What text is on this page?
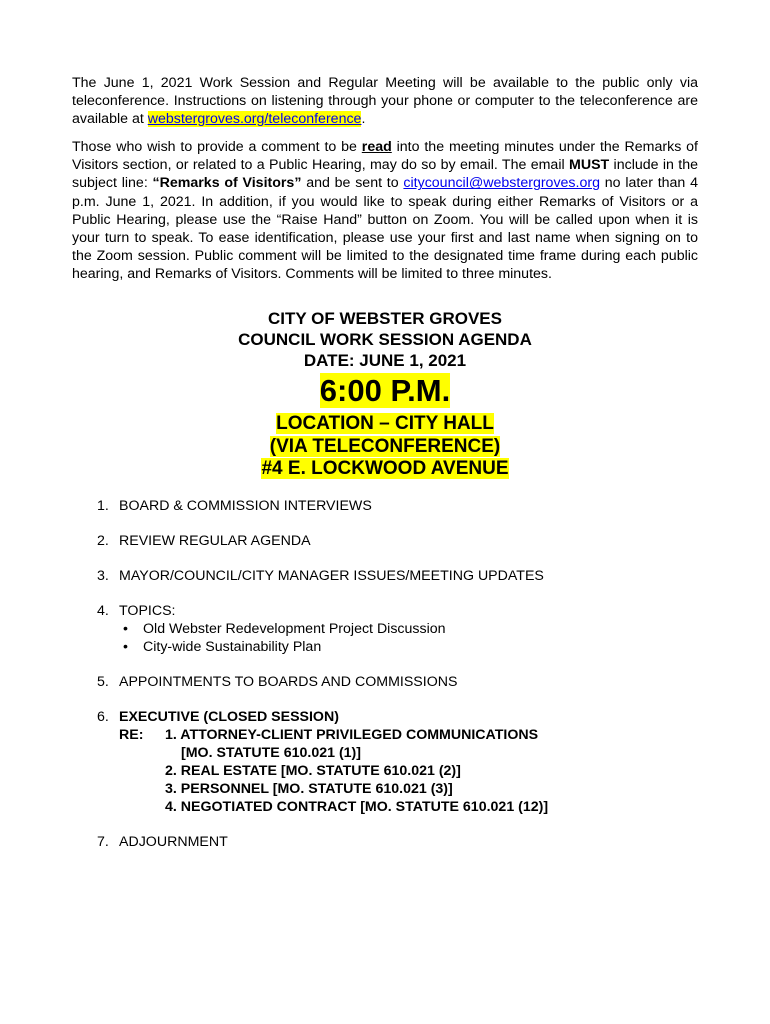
The June 1, 2021 Work Session and Regular Meeting will be available to the public only via teleconference. Instructions on listening through your phone or computer to the teleconference are available at webstergroves.org/teleconference.

Those who wish to provide a comment to be read into the meeting minutes under the Remarks of Visitors section, or related to a Public Hearing, may do so by email. The email MUST include in the subject line: “Remarks of Visitors” and be sent to citycouncil@webstergroves.org no later than 4 p.m. June 1, 2021. In addition, if you would like to speak during either Remarks of Visitors or a Public Hearing, please use the “Raise Hand” button on Zoom. You will be called upon when it is your turn to speak. To ease identification, please use your first and last name when signing on to the Zoom session. Public comment will be limited to the designated time frame during each public hearing, and Remarks of Visitors. Comments will be limited to three minutes.

CITY OF WEBSTER GROVES

COUNCIL WORK SESSION AGENDA

DATE: JUNE 1, 2021

6:00 P.M.

LOCATION – CITY HALL

(VIA TELECONFERENCE)

#4 E. LOCKWOOD AVENUE

1. BOARD & COMMISSION INTERVIEWS
2. REVIEW REGULAR AGENDA
3. MAYOR/COUNCIL/CITY MANAGER ISSUES/MEETING UPDATES
4. TOPICS:
• Old Webster Redevelopment Project Discussion
• City-wide Sustainability Plan
5. APPOINTMENTS TO BOARDS AND COMMISSIONS
6. EXECUTIVE (CLOSED SESSION)
RE:	1. ATTORNEY-CLIENT PRIVILEGED COMMUNICATIONS
[MO. STATUTE 610.021 (1)]
2. REAL ESTATE [MO. STATUTE 610.021 (2)]
3. PERSONNEL [MO. STATUTE 610.021 (3)]
4. NEGOTIATED CONTRACT [MO. STATUTE 610.021 (12)]
7. ADJOURNMENT
